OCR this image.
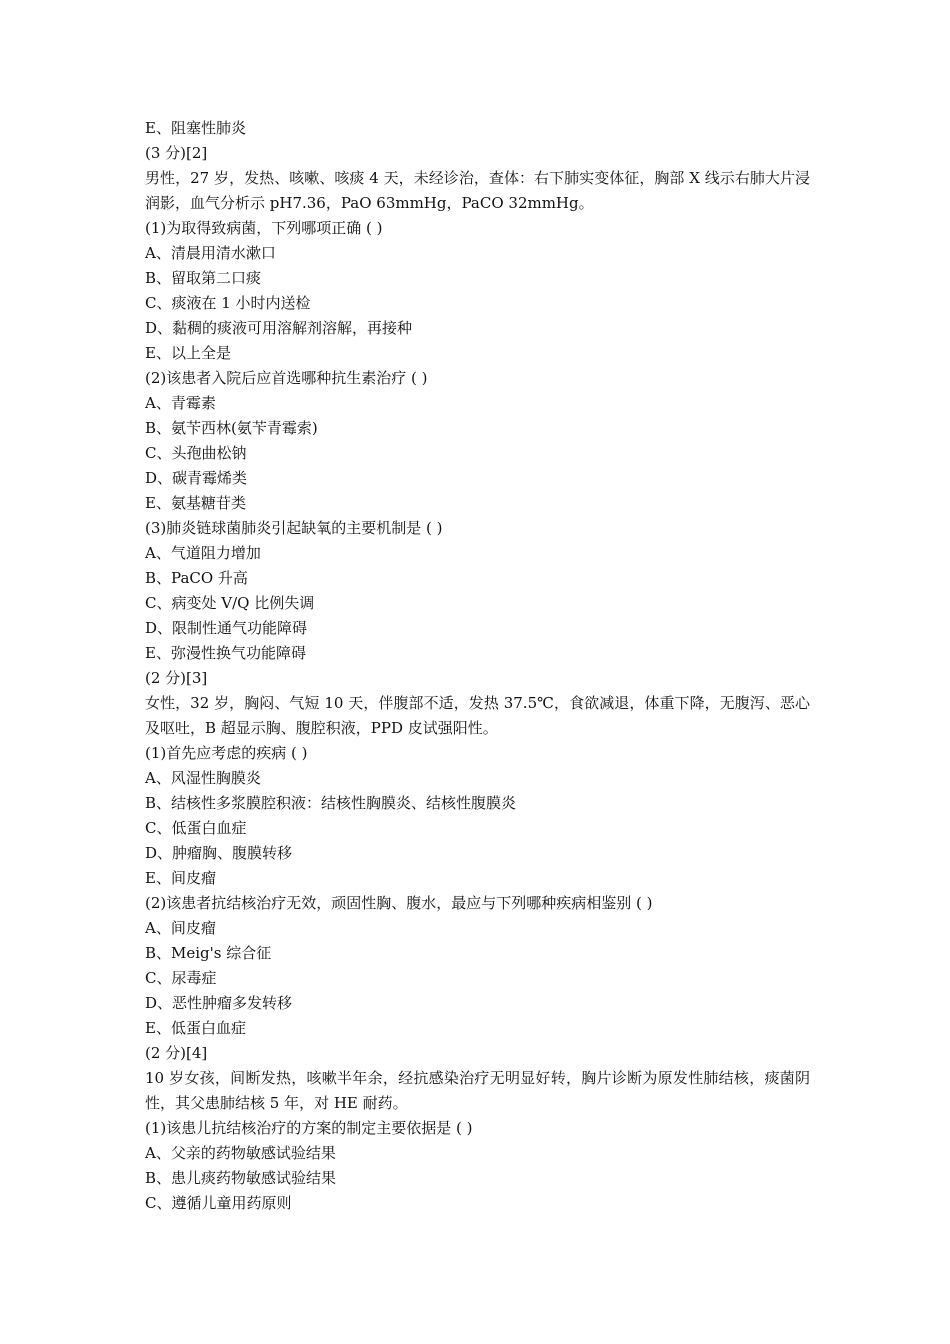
E、阻塞性肺炎
(3 分)[2]
男性，27 岁，发热、咳嗽、咳痰 4 天，未经诊治，查体：右下肺实变体征，胸部 X 线示右肺大片浸润影，血气分析示 pH7.36，PaO 63mmHg，PaCO 32mmHg。
(1)为取得致病菌，下列哪项正确 ( )
A、清晨用清水漱口
B、留取第二口痰
C、痰液在 1 小时内送检
D、黏稠的痰液可用溶解剂溶解，再接种
E、以上全是
(2)该患者入院后应首选哪种抗生素治疗 ( )
A、青霉素
B、氨苄西林(氨苄青霉索)
C、头孢曲松钠
D、碳青霉烯类
E、氨基糖苷类
(3)肺炎链球菌肺炎引起缺氧的主要机制是 ( )
A、气道阻力增加
B、PaCO 升高
C、病变处 V/Q 比例失调
D、限制性通气功能障碍
E、弥漫性换气功能障碍
(2 分)[3]
女性，32 岁，胸闷、气短 10 天，伴腹部不适，发热 37.5℃，食欲减退，体重下降，无腹泻、恶心及呕吐，B 超显示胸、腹腔积液，PPD 皮试强阳性。
(1)首先应考虑的疾病 ( )
A、风湿性胸膜炎
B、结核性多浆膜腔积液：结核性胸膜炎、结核性腹膜炎
C、低蛋白血症
D、肿瘤胸、腹膜转移
E、间皮瘤
(2)该患者抗结核治疗无效，顽固性胸、腹水，最应与下列哪种疾病相鉴别 ( )
A、间皮瘤
B、Meig's 综合征
C、尿毒症
D、恶性肿瘤多发转移
E、低蛋白血症
(2 分)[4]
10 岁女孩，间断发热，咳嗽半年余，经抗感染治疗无明显好转，胸片诊断为原发性肺结核，痰菌阴性，其父患肺结核 5 年，对 HE 耐药。
(1)该患儿抗结核治疗的方案的制定主要依据是 ( )
A、父亲的药物敏感试验结果
B、患儿痰药物敏感试验结果
C、遵循儿童用药原则
